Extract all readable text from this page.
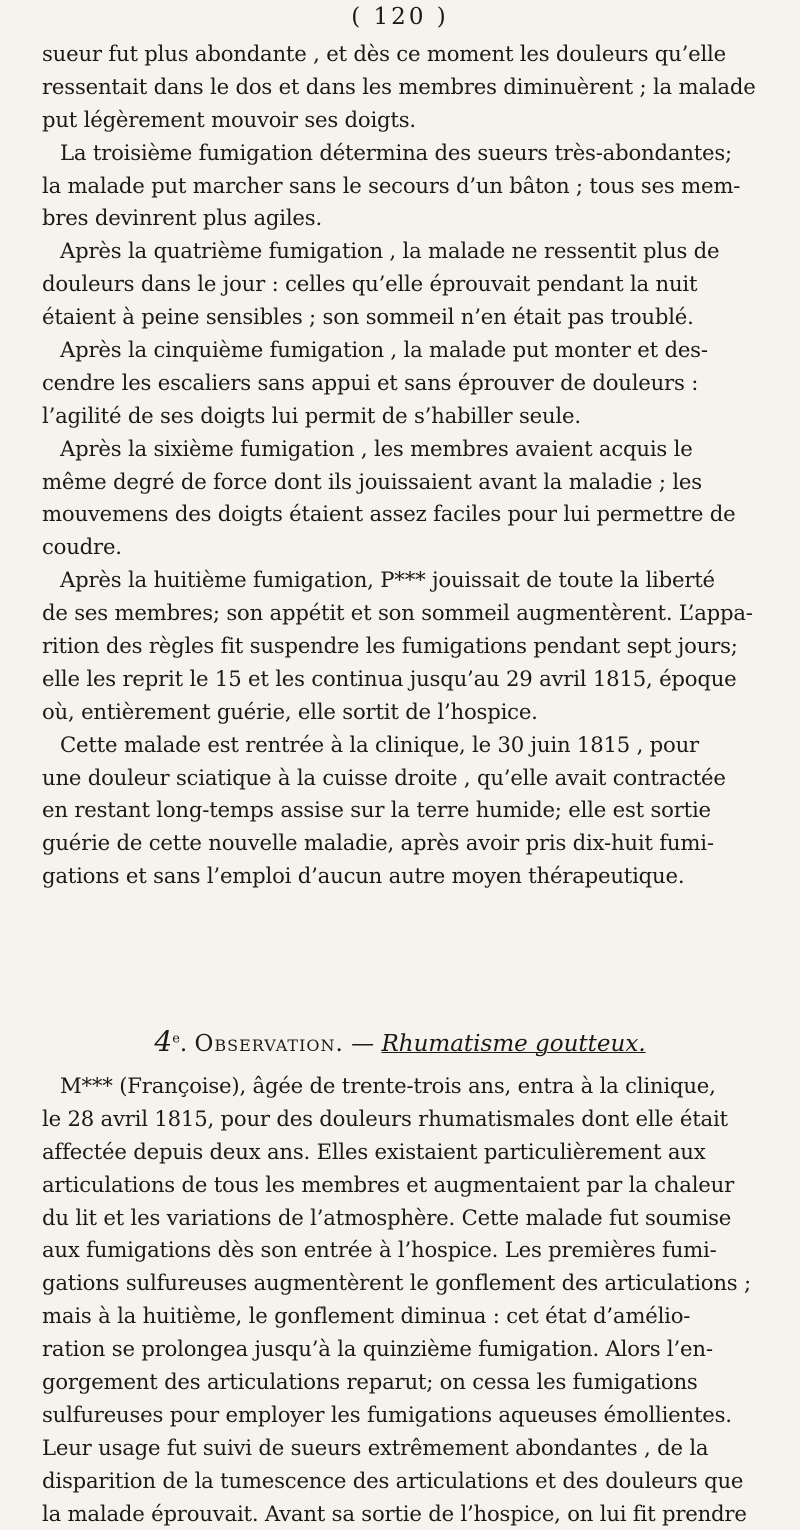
( 120 )
sueur fut plus abondante , et dès ce moment les douleurs qu’elle
ressentait dans le dos et dans les membres diminuèrent ; la malade
put légèrement mouvoir ses doigts.
La troisième fumigation détermina des sueurs très-abondantes;
la malade put marcher sans le secours d’un bâton ; tous ses mem-
bres devinrent plus agiles.
Après la quatrième fumigation , la malade ne ressentit plus de
douleurs dans le jour : celles qu’elle éprouvait pendant la nuit
étaient à peine sensibles ; son sommeil n’en était pas troublé.
Après la cinquième fumigation , la malade put monter et des-
cendre les escaliers sans appui et sans éprouver de douleurs :
l’agilité de ses doigts lui permit de s’habiller seule.
Après la sixième fumigation , les membres avaient acquis le
même degré de force dont ils jouissaient avant la maladie ; les
mouvemens des doigts étaient assez faciles pour lui permettre de
coudre.
Après la huitième fumigation, P*** jouissait de toute la liberté
de ses membres; son appétit et son sommeil augmentèrent. L’appa-
rition des règles fit suspendre les fumigations pendant sept jours;
elle les reprit le 15 et les continua jusqu’au 29 avril 1815, époque
où, entièrement guérie, elle sortit de l’hospice.
Cette malade est rentrée à la clinique, le 30 juin 1815 , pour
une douleur sciatique à la cuisse droite , qu’elle avait contractée
en restant long-temps assise sur la terre humide; elle est sortie
guérie de cette nouvelle maladie, après avoir pris dix-huit fumi-
gations et sans l’emploi d’aucun autre moyen thérapeutique.
4e. Observation. — Rhumatisme goutteux.
M*** (Françoise), âgée de trente-trois ans, entra à la clinique,
le 28 avril 1815, pour des douleurs rhumatismales dont elle était
affectée depuis deux ans. Elles existaient particulièrement aux
articulations de tous les membres et augmentaient par la chaleur
du lit et les variations de l’atmosphère. Cette malade fut soumise
aux fumigations dès son entrée à l’hospice. Les premières fumi-
gations sulfureuses augmentèrent le gonflement des articulations ;
mais à la huitième, le gonflement diminua : cet état d’amélio-
ration se prolongea jusqu’à la quinzième fumigation. Alors l’en-
gorgement des articulations reparut; on cessa les fumigations
sulfureuses pour employer les fumigations aqueuses émollientes.
Leur usage fut suivi de sueurs extrêmement abondantes , de la
disparition de la tumescence des articulations et des douleurs que
la malade éprouvait. Avant sa sortie de l’hospice, on lui fit prendre
